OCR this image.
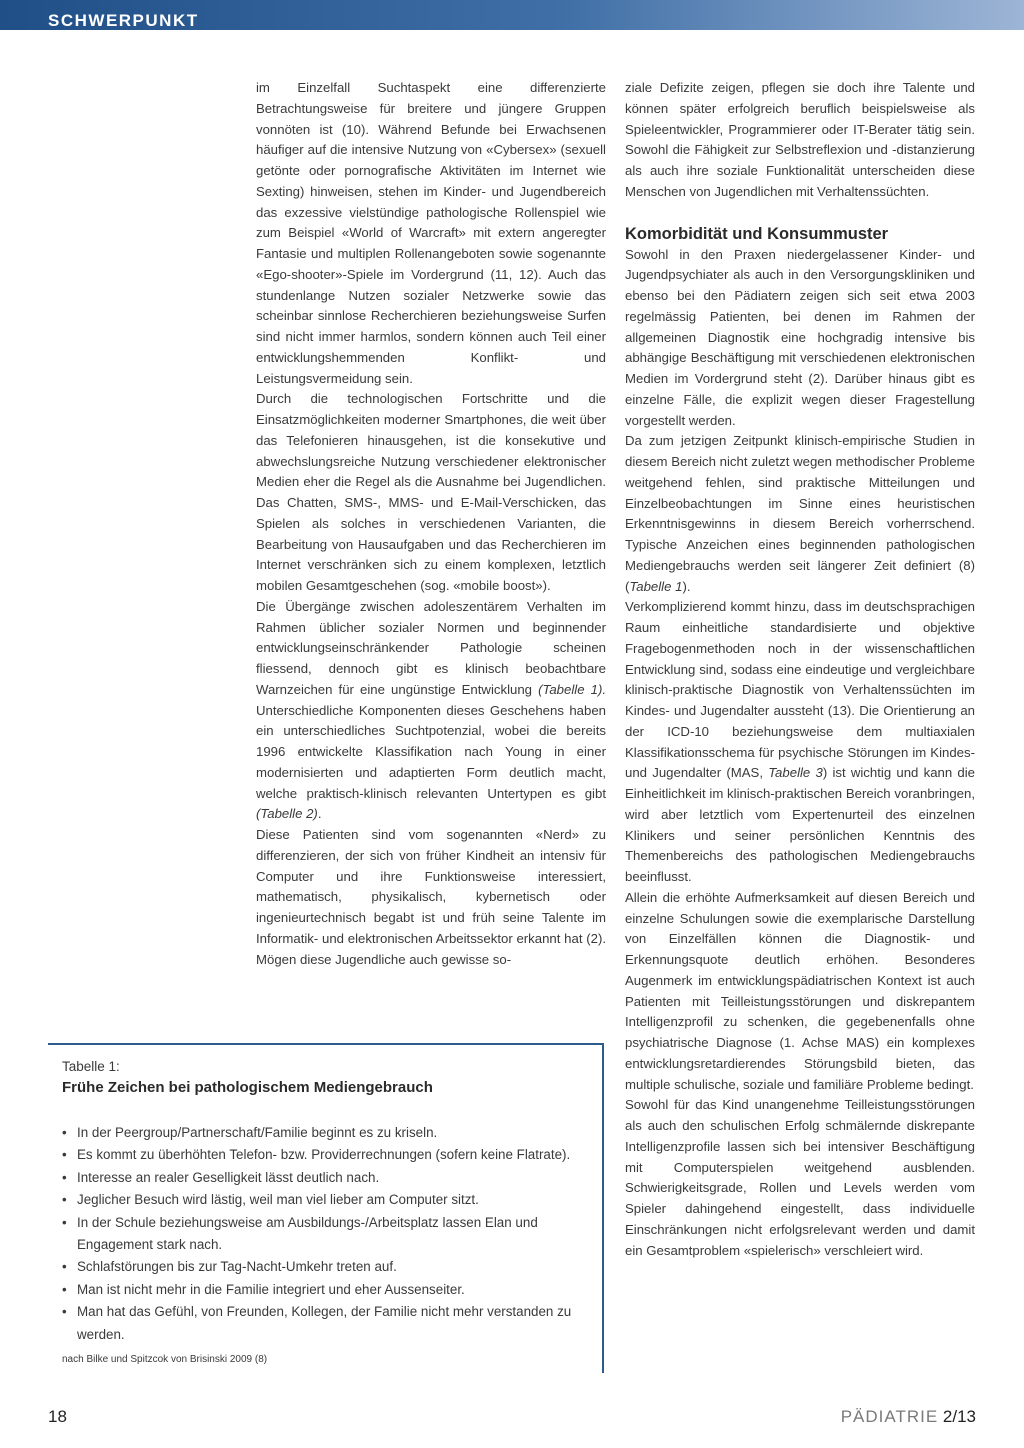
SCHWERPUNKT

im Einzelfall Suchtaspekt eine differenzierte Betrachtungsweise für breitere und jüngere Gruppen vonnöten ist (10). Während Befunde bei Erwachsenen häufiger auf die intensive Nutzung von «Cybersex» (sexuell getönte oder pornografische Aktivitäten im Internet wie Sexting) hinweisen, stehen im Kinder- und Jugendbereich das exzessive vielstündige pathologische Rollenspiel wie zum Beispiel «World of Warcraft» mit extern angeregter Fantasie und multiplen Rollenangeboten sowie sogenannte «Ego-shooter»-Spiele im Vordergrund (11, 12). Auch das stundenlange Nutzen sozialer Netzwerke sowie das scheinbar sinnlose Recherchieren beziehungsweise Surfen sind nicht immer harmlos, sondern können auch Teil einer entwicklungshemmenden Konflikt- und Leistungsvermeidung sein.

Durch die technologischen Fortschritte und die Einsatzmöglichkeiten moderner Smartphones, die weit über das Telefonieren hinausgehen, ist die konsekutive und abwechslungsreiche Nutzung verschiedener elektronischer Medien eher die Regel als die Ausnahme bei Jugendlichen. Das Chatten, SMS-, MMS- und E-Mail-Verschicken, das Spielen als solches in verschiedenen Varianten, die Bearbeitung von Hausaufgaben und das Recherchieren im Internet verschränken sich zu einem komplexen, letztlich mobilen Gesamtgeschehen (sog. «mobile boost»).

Die Übergänge zwischen adoleszentärem Verhalten im Rahmen üblicher sozialer Normen und beginnender entwicklungseinschränkender Pathologie scheinen fliessend, dennoch gibt es klinisch beobachtbare Warnzeichen für eine ungünstige Entwicklung (Tabelle 1). Unterschiedliche Komponenten dieses Geschehens haben ein unterschiedliches Suchtpotenzial, wobei die bereits 1996 entwickelte Klassifikation nach Young in einer modernisierten und adaptierten Form deutlich macht, welche praktisch-klinisch relevanten Untertypen es gibt (Tabelle 2).

Diese Patienten sind vom sogenannten «Nerd» zu differenzieren, der sich von früher Kindheit an intensiv für Computer und ihre Funktionsweise interessiert, mathematisch, physikalisch, kybernetisch oder ingenieurtechnisch begabt ist und früh seine Talente im Informatik- und elektronischen Arbeitssektor erkannt hat (2). Mögen diese Jugendliche auch gewisse so-

ziale Defizite zeigen, pflegen sie doch ihre Talente und können später erfolgreich beruflich beispielsweise als Spieleentwickler, Programmierer oder IT-Berater tätig sein. Sowohl die Fähigkeit zur Selbstreflexion und -distanzierung als auch ihre soziale Funktionalität unterscheiden diese Menschen von Jugendlichen mit Verhaltenssüchten.

Komorbidität und Konsummuster

Sowohl in den Praxen niedergelassener Kinder- und Jugendpsychiater als auch in den Versorgungskliniken und ebenso bei den Pädiatern zeigen sich seit etwa 2003 regelmässig Patienten, bei denen im Rahmen der allgemeinen Diagnostik eine hochgradig intensive bis abhängige Beschäftigung mit verschiedenen elektronischen Medien im Vordergrund steht (2). Darüber hinaus gibt es einzelne Fälle, die explizit wegen dieser Fragestellung vorgestellt werden.

Da zum jetzigen Zeitpunkt klinisch-empirische Studien in diesem Bereich nicht zuletzt wegen methodischer Probleme weitgehend fehlen, sind praktische Mitteilungen und Einzelbeobachtungen im Sinne eines heuristischen Erkenntnisgewinns in diesem Bereich vorherrschend. Typische Anzeichen eines beginnenden pathologischen Mediengebrauchs werden seit längerer Zeit definiert (8) (Tabelle 1).

Verkomplizierend kommt hinzu, dass im deutschsprachigen Raum einheitliche standardisierte und objektive Fragebogenmethoden noch in der wissenschaftlichen Entwicklung sind, sodass eine eindeutige und vergleichbare klinisch-praktische Diagnostik von Verhaltenssüchten im Kindes- und Jugendalter aussteht (13). Die Orientierung an der ICD-10 beziehungsweise dem multiaxialen Klassifikationsschema für psychische Störungen im Kindes- und Jugendalter (MAS, Tabelle 3) ist wichtig und kann die Einheitlichkeit im klinisch-praktischen Bereich voranbringen, wird aber letztlich vom Expertenurteil des einzelnen Klinikers und seiner persönlichen Kenntnis des Themenbereichs des pathologischen Mediengebrauchs beeinflusst.

Allein die erhöhte Aufmerksamkeit auf diesen Bereich und einzelne Schulungen sowie die exemplarische Darstellung von Einzelfällen können die Diagnostik- und Erkennungsquote deutlich erhöhen. Besonderes Augenmerk im entwicklungspädiatrischen Kontext ist auch Patienten mit Teilleistungsstörungen und diskrepantem Intelligenzprofil zu schenken, die gegebenenfalls ohne psychiatrische Diagnose (1. Achse MAS) ein komplexes entwicklungsretardierendes Störungsbild bieten, das multiple schulische, soziale und familiäre Probleme bedingt.

Sowohl für das Kind unangenehme Teilleistungsstörungen als auch den schulischen Erfolg schmälernde diskrepante Intelligenzprofile lassen sich bei intensiver Beschäftigung mit Computerspielen weitgehend ausblenden. Schwierigkeitsgrade, Rollen und Levels werden vom Spieler dahingehend eingestellt, dass individuelle Einschränkungen nicht erfolgsrelevant werden und damit ein Gesamtproblem «spielerisch» verschleiert wird.

Tabelle 1:
Frühe Zeichen bei pathologischem Mediengebrauch
• In der Peergroup/Partnerschaft/Familie beginnt es zu kriseln.
• Es kommt zu überhöhten Telefon- bzw. Providerrechnungen (sofern keine Flatrate).
• Interesse an realer Geselligkeit lässt deutlich nach.
• Jeglicher Besuch wird lästig, weil man viel lieber am Computer sitzt.
• In der Schule beziehungsweise am Ausbildungs-/Arbeitsplatz lassen Elan und Engagement stark nach.
• Schlafstörungen bis zur Tag-Nacht-Umkehr treten auf.
• Man ist nicht mehr in die Familie integriert und eher Aussenseiter.
• Man hat das Gefühl, von Freunden, Kollegen, der Familie nicht mehr verstanden zu werden.
nach Bilke und Spitzcok von Brisinski 2009 (8)
18	PÄDIATRIE 2/13
